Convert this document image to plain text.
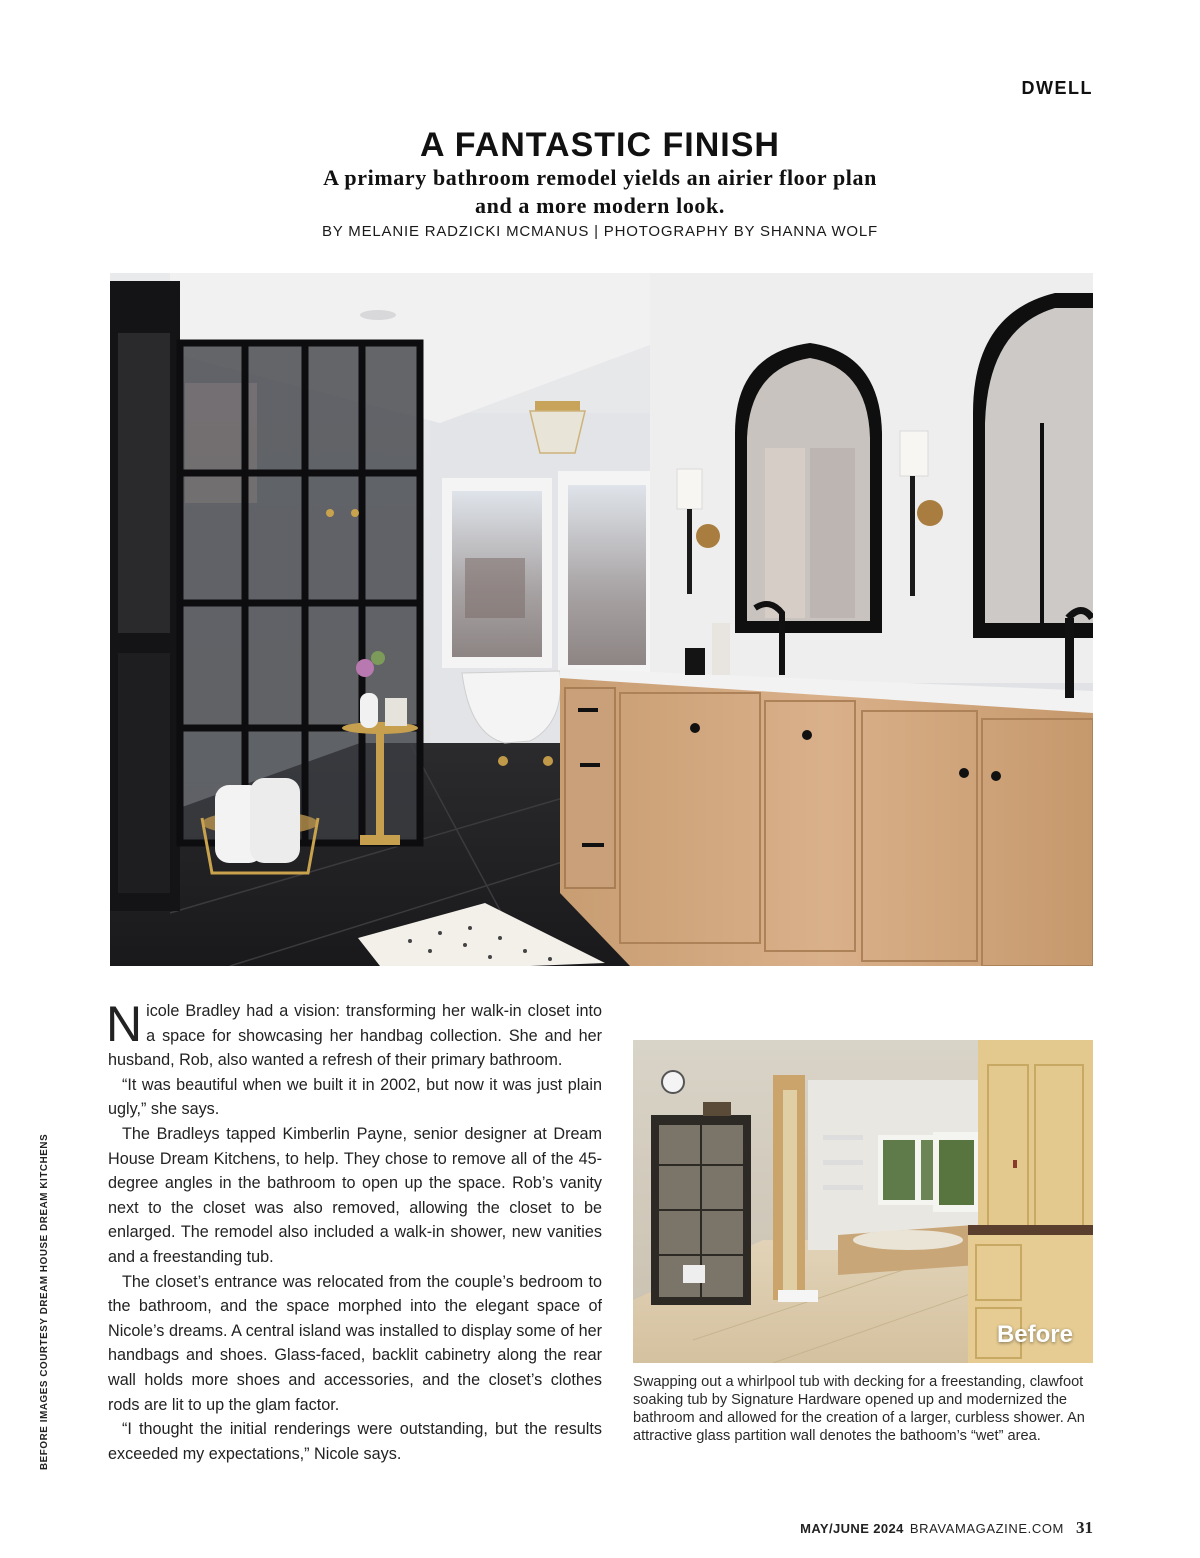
DWELL
A FANTASTIC FINISH
A primary bathroom remodel yields an airier floor plan
and a more modern look.
BY MELANIE RADZICKI MCMANUS | PHOTOGRAPHY BY SHANNA WOLF

Nicole Bradley had a vision: transforming her walk-in closet into a space for showcasing her handbag collection. She and her husband, Rob, also wanted a refresh of their primary bathroom.

“It was beautiful when we built it in 2002, but now it was just plain ugly,” she says.

The Bradleys tapped Kimberlin Payne, senior designer at Dream House Dream Kitchens, to help. They chose to remove all of the 45-degree angles in the bathroom to open up the space. Rob’s vanity next to the closet was also removed, allowing the closet to be enlarged. The remodel also included a walk-in shower, new vanities and a freestanding tub.

The closet’s entrance was relocated from the couple’s bedroom to the bathroom, and the space morphed into the elegant space of Nicole’s dreams. A central island was installed to display some of her handbags and shoes. Glass-faced, backlit cabinetry along the rear wall holds more shoes and accessories, and the closet’s clothes rods are lit to up the glam factor.

“I thought the initial renderings were outstanding, but the results exceeded my expectations,” Nicole says.

Before
Swapping out a whirlpool tub with decking for a freestanding, clawfoot soaking tub by Signature Hardware opened up and modernized the bathroom and allowed for the creation of a larger, curbless shower. An attractive glass partition wall denotes the bathoom’s “wet” area.
BEFORE IMAGES COURTESY DREAM HOUSE DREAM KITCHENS
MAY/JUNE 2024 BRAVAMAGAZINE.COM 31
